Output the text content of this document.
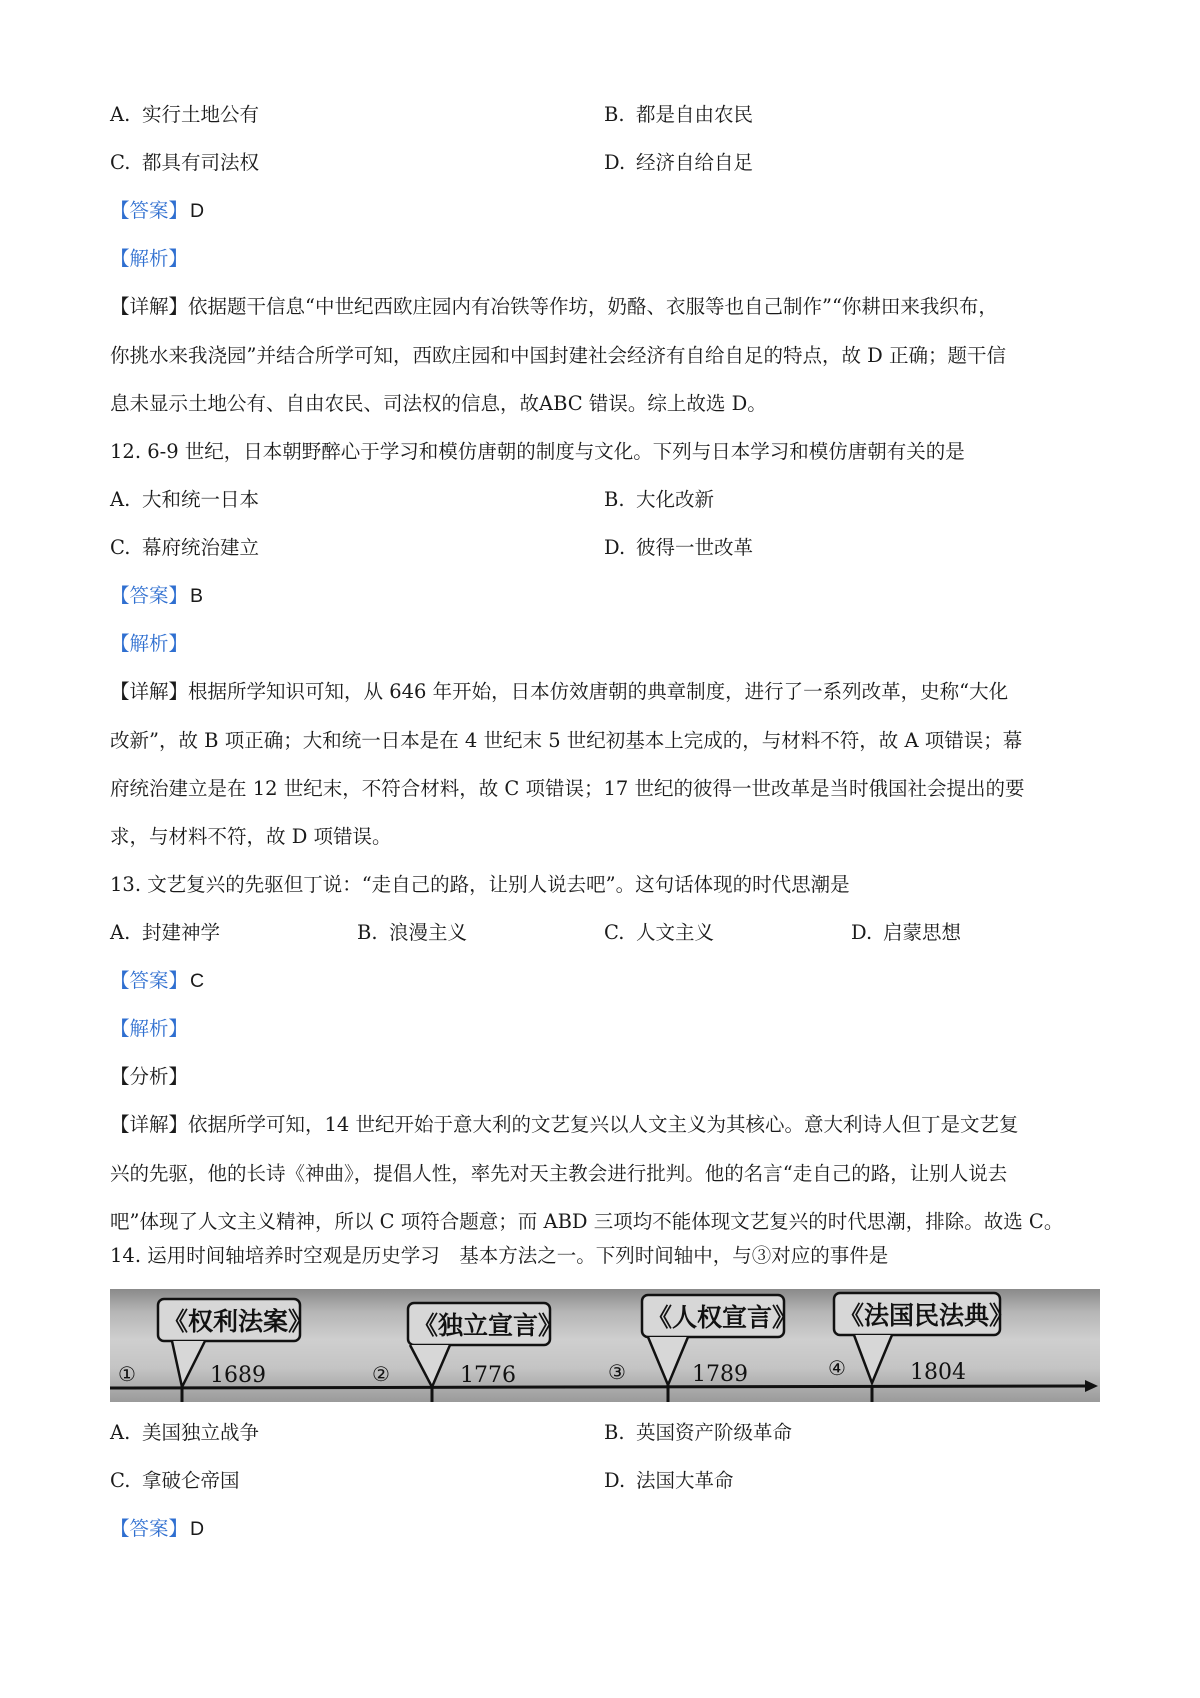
A. 实行土地公有	B. 都是自由农民
C. 都具有司法权	D. 经济自给自足
【答案】 D
【解析】
【详解】依据题干信息“中世纪西欧庄园内有冶铁等作坊，奶酪、衣服等也自己制作”“你耕田来我织布，
你挑水来我浇园”并结合所学可知，西欧庄园和中国封建社会经济有自给自足的特点，故 D 正确；题干信
息未显示土地公有、自由农民、司法权的信息，故ABC 错误。综上故选 D。
12. 6-9 世纪，日本朝野醉心于学习和模仿唐朝的制度与文化。下列与日本学习和模仿唐朝有关的是
A. 大和统一日本	B. 大化改新
C. 幕府统治建立	D. 彼得一世改革
【答案】 B
【解析】
【详解】根据所学知识可知，从 646 年开始，日本仿效唐朝的典章制度，进行了一系列改革，史称“大化
改新”，故 B 项正确；大和统一日本是在 4 世纪末 5 世纪初基本上完成的，与材料不符，故 A 项错误；幕
府统治建立是在 12 世纪末，不符合材料，故 C 项错误；17 世纪的彼得一世改革是当时俄国社会提出的要
求，与材料不符，故 D 项错误。
13. 文艺复兴的先驱但丁说：“走自己的路，让别人说去吧”。这句话体现的时代思潮是
A. 封建神学	B. 浪漫主义	C. 人文主义	D. 启蒙思想
【答案】 C
【解析】
【分析】
【详解】依据所学可知，14 世纪开始于意大利的文艺复兴以人文主义为其核心。意大利诗人但丁是文艺复
兴的先驱，他的长诗《神曲》，提倡人性，率先对天主教会进行批判。他的名言“走自己的路，让别人说去
吧”体现了人文主义精神，所以 C 项符合题意；而 ABD 三项均不能体现文艺复兴的时代思潮，排除。故选 C。
14. 运用时间轴培养时空观是历史学习　基本方法之一。下列时间轴中，与③对应的事件是
《权利法案》
①	1689
《独立宣言》
②	1776
《人权宣言》
③	1789
《法国民法典》
④	1804
A. 美国独立战争	B. 英国资产阶级革命
C. 拿破仑帝国	D. 法国大革命
【答案】 D
